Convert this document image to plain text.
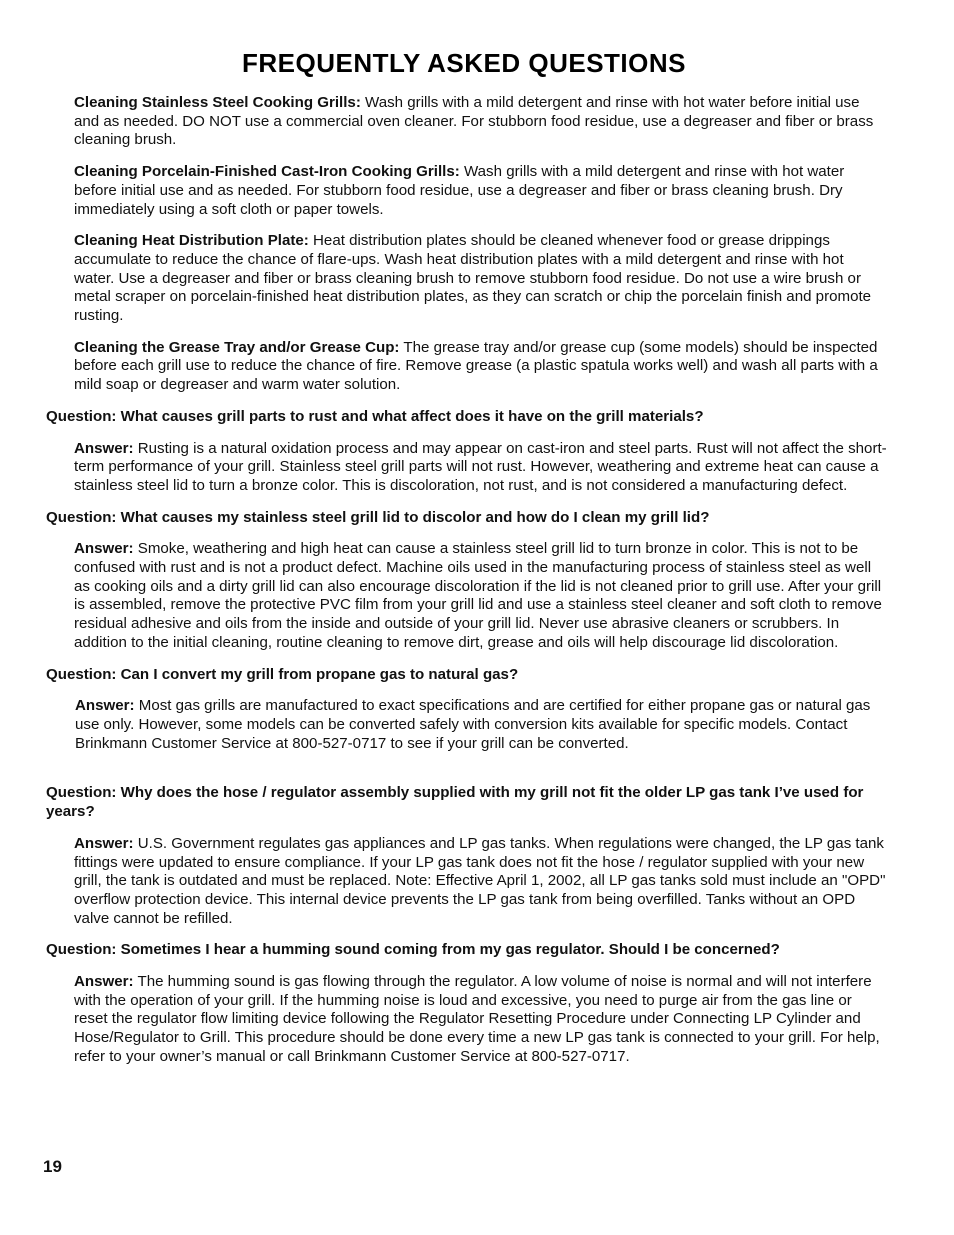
FREQUENTLY ASKED QUESTIONS

Cleaning Stainless Steel Cooking Grills: Wash grills with a mild detergent and rinse with hot water before initial use and as needed. DO NOT use a commercial oven cleaner. For stubborn food residue, use a degreaser and fiber or brass cleaning brush.

Cleaning Porcelain-Finished Cast-Iron Cooking Grills: Wash grills with a mild detergent and rinse with hot water before initial use and as needed. For stubborn food residue, use a degreaser and fiber or brass cleaning brush. Dry immediately using a soft cloth or paper towels.

Cleaning Heat Distribution Plate: Heat distribution plates should be cleaned whenever food or grease drippings accumulate to reduce the chance of flare-ups. Wash heat distribution plates with a mild detergent and rinse with hot water. Use a degreaser and fiber or brass cleaning brush to remove stubborn food residue. Do not use a wire brush or metal scraper on porcelain-finished heat distribution plates, as they can scratch or chip the porcelain finish and promote rusting.

Cleaning the Grease Tray and/or Grease Cup: The grease tray and/or grease cup (some models) should be inspected before each grill use to reduce the chance of fire. Remove grease (a plastic spatula works well) and wash all parts with a mild soap or degreaser and warm water solution.

Question: What causes grill parts to rust and what affect does it have on the grill materials?

Answer: Rusting is a natural oxidation process and may appear on cast-iron and steel parts. Rust will not affect the short-term performance of your grill. Stainless steel grill parts will not rust. However, weathering and extreme heat can cause a stainless steel lid to turn a bronze color. This is discoloration, not rust, and is not considered a manufacturing defect.

Question: What causes my stainless steel grill lid to discolor and how do I clean my grill lid?

Answer: Smoke, weathering and high heat can cause a stainless steel grill lid to turn bronze in color. This is not to be confused with rust and is not a product defect. Machine oils used in the manufacturing process of stainless steel as well as cooking oils and a dirty grill lid can also encourage discoloration if the lid is not cleaned prior to grill use. After your grill is assembled, remove the protective PVC film from your grill lid and use a stainless steel cleaner and soft cloth to remove residual adhesive and oils from the inside and outside of your grill lid. Never use abrasive cleaners or scrubbers. In addition to the initial cleaning, routine cleaning to remove dirt, grease and oils will help discourage lid discoloration.

Question: Can I convert my grill from propane gas to natural gas?

Answer: Most gas grills are manufactured to exact specifications and are certified for either propane gas or natural gas use only. However, some models can be converted safely with conversion kits available for specific models. Contact Brinkmann Customer Service at 800-527-0717 to see if your grill can be converted.

Question: Why does the hose / regulator assembly supplied with my grill not fit the older LP gas tank I’ve used for years?

Answer: U.S. Government regulates gas appliances and LP gas tanks. When regulations were changed, the LP gas tank fittings were updated to ensure compliance. If your LP gas tank does not fit the hose / regulator supplied with your new grill, the tank is outdated and must be replaced. Note: Effective April 1, 2002, all LP gas tanks sold must include an "OPD" overflow protection device. This internal device prevents the LP gas tank from being overfilled. Tanks without an OPD valve cannot be refilled.

Question: Sometimes I hear a humming sound coming from my gas regulator. Should I be concerned?

Answer: The humming sound is gas flowing through the regulator. A low volume of noise is normal and will not interfere with the operation of your grill. If the humming noise is loud and excessive, you need to purge air from the gas line or reset the regulator flow limiting device following the Regulator Resetting Procedure under Connecting LP Cylinder and Hose/Regulator to Grill. This procedure should be done every time a new LP gas tank is connected to your grill. For help, refer to your owner’s manual or call Brinkmann Customer Service at 800-527-0717.

19
